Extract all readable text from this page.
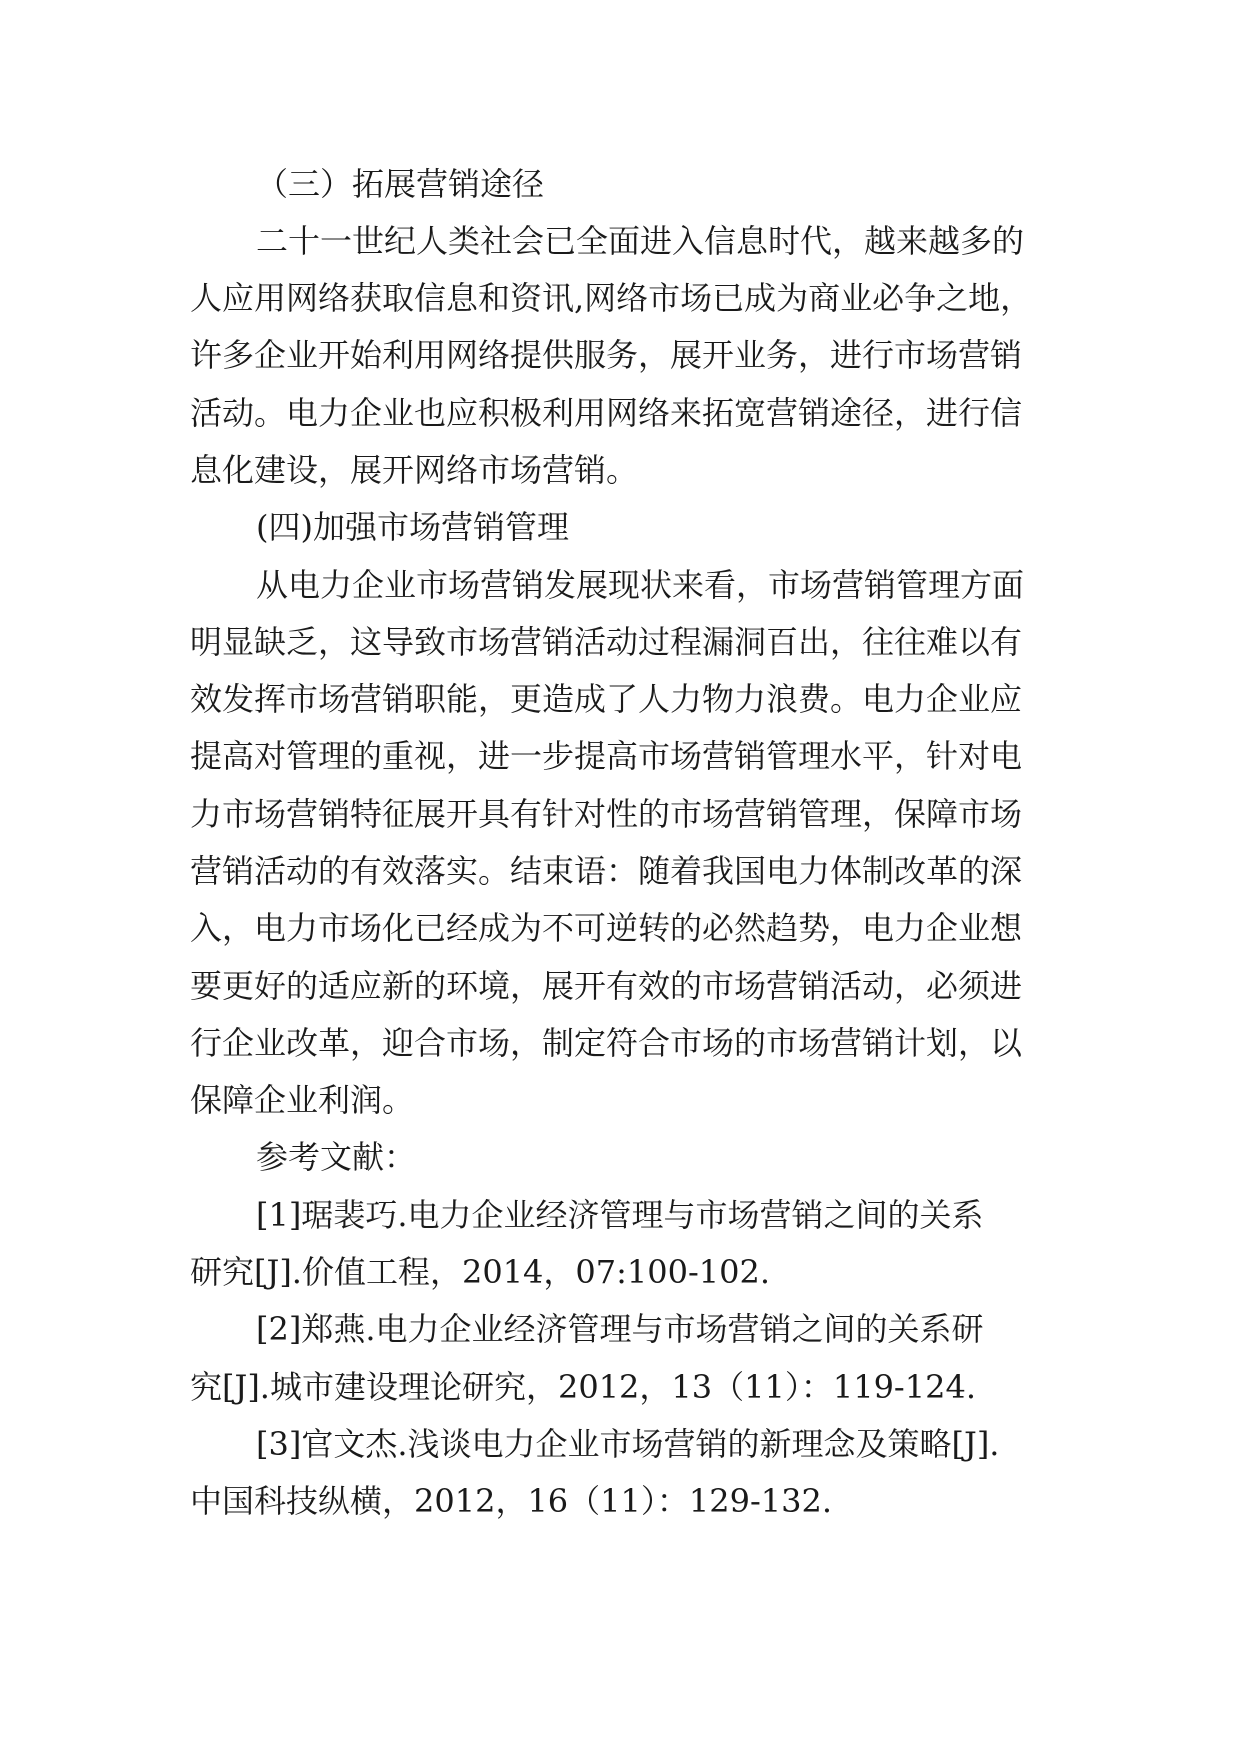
（三）拓展营销途径
二十一世纪人类社会已全面进入信息时代，越来越多的
人应用网络获取信息和资讯,网络市场已成为商业必争之地，
许多企业开始利用网络提供服务，展开业务，进行市场营销
活动。电力企业也应积极利用网络来拓宽营销途径，进行信
息化建设，展开网络市场营销。
(四)加强市场营销管理
从电力企业市场营销发展现状来看，市场营销管理方面
明显缺乏，这导致市场营销活动过程漏洞百出，往往难以有
效发挥市场营销职能，更造成了人力物力浪费。电力企业应
提高对管理的重视，进一步提高市场营销管理水平，针对电
力市场营销特征展开具有针对性的市场营销管理，保障市场
营销活动的有效落实。结束语：随着我国电力体制改革的深
入，电力市场化已经成为不可逆转的必然趋势，电力企业想
要更好的适应新的环境，展开有效的市场营销活动，必须进
行企业改革，迎合市场，制定符合市场的市场营销计划，以
保障企业利润。
参考文献：
[1]琚裴巧.电力企业经济管理与市场营销之间的关系
研究[J].价值工程，2014，07:100-102.
[2]郑燕.电力企业经济管理与市场营销之间的关系研
究[J].城市建设理论研究，2012，13（11）：119-124.
[3]官文杰.浅谈电力企业市场营销的新理念及策略[J].
中国科技纵横，2012，16（11）：129-132.
